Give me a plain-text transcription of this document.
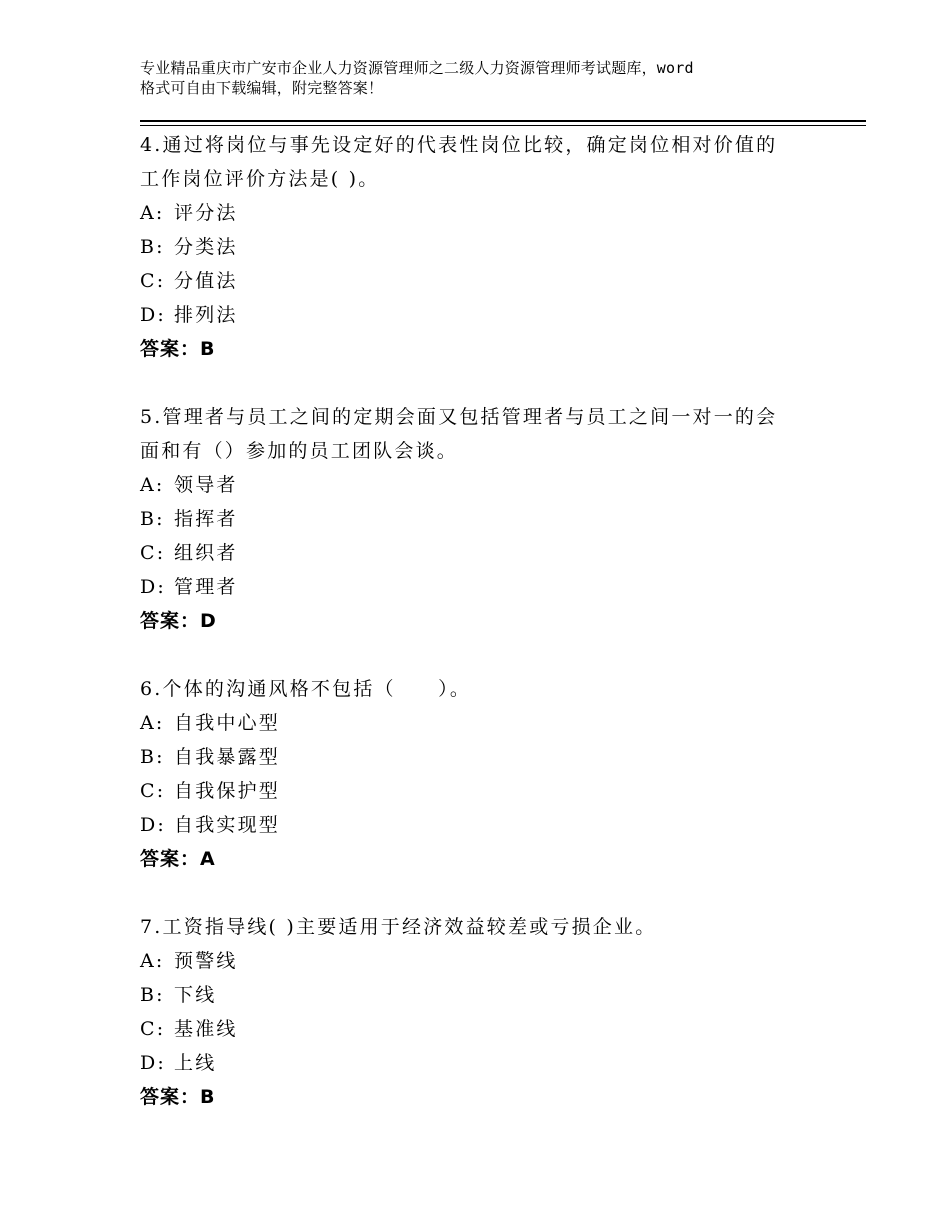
专业精品重庆市广安市企业人力资源管理师之二级人力资源管理师考试题库，word
格式可自由下载编辑，附完整答案！

4.通过将岗位与事先设定好的代表性岗位比较，确定岗位相对价值的

工作岗位评价方法是( )。

A: 评分法

B: 分类法

C: 分值法

D: 排列法

答案：B

5.管理者与员工之间的定期会面又包括管理者与员工之间一对一的会

面和有（）参加的员工团队会谈。

A: 领导者

B: 指挥者

C: 组织者

D: 管理者

答案：D

6.个体的沟通风格不包括（　　）。

A: 自我中心型

B: 自我暴露型

C: 自我保护型

D: 自我实现型

答案：A

7.工资指导线( )主要适用于经济效益较差或亏损企业。

A: 预警线

B: 下线

C: 基准线

D: 上线

答案：B
